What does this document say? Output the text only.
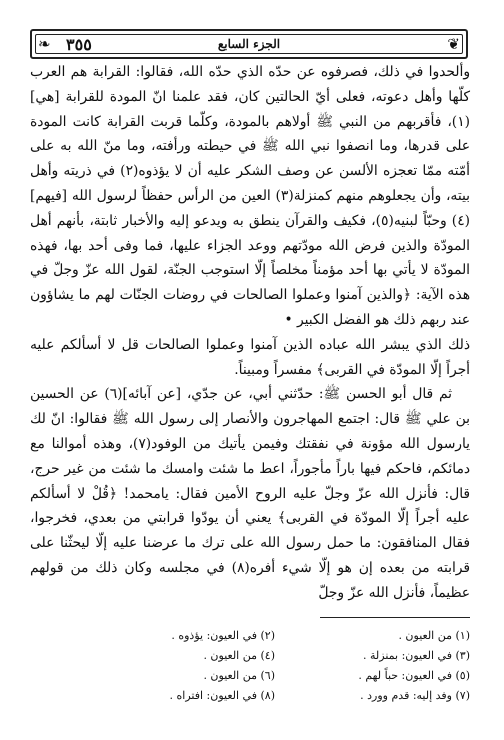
❦
الجزء السابع
٣٥٥
❧

وألحدوا في ذلك، فصرفوه عن حدّه الذي حدّه الله، فقالوا: القرابة هم العرب كلّها وأهل دعوته، فعلى أيّ الحالتين كان، فقد علمنا انّ المودة للقرابة [هي](١)، فأقربهم من النبي ﷺ أولاهم بالمودة، وكلّما قربت القرابة كانت المودة على قدرها، وما انصفوا نبي الله ﷺ في حيطته ورأفته، وما منّ الله به على أمّته ممّا تعجزه الألسن عن وصف الشكر عليه أن لا يؤذوه(٢) في ذريته وأهل بيته، وأن يجعلوهم منهم كمنزلة(٣) العين من الرأس حفظاً لرسول الله [فيهم](٤) وحبّاً لبنيه(٥)، فكيف والقرآن ينطق به ويدعو إليه والأخبار ثابتة، بأنهم أهل المودّة والذين فرض الله مودّتهم ووعد الجزاء عليها، فما وفى أحد بها، فهذه المودّة لا يأتي بها أحد مؤمناً مخلصاً إلّا استوجب الجنّة، لقول الله عزّ وجلّ في هذه الآية: ﴿والذين آمنوا وعملوا الصالحات في روضات الجنّات لهم ما يشاؤون عند ربهم ذلك هو الفضل الكبير •

ذلك الذي يبشر الله عباده الذين آمنوا وعملوا الصالحات قل لا أسألكم عليه أجراً إلّا المودّة في القربى﴾ مفسراً ومبيناً.

ثم قال أبو الحسن ﷺ: حدّثني أبي، عن جدّي، [عن آبائه](٦) عن الحسين بن علي ﷺ قال: اجتمع المهاجرون والأنصار إلى رسول الله ﷺ فقالوا: انّ لك يارسول الله مؤونة في نفقتك وفيمن يأتيك من الوفود(٧)، وهذه أموالنا مع دمائكم، فاحكم فيها باراً مأجوراً، اعط ما شئت وامسك ما شئت من غير حرج، قال: فأنزل الله عزّ وجلّ عليه الروح الأمين فقال: يامحمد! ﴿قُلْ لا أسألكم عليه أجراً إلّا المودّة في القربى﴾ يعني أن يودّوا قرابتي من بعدي، فخرجوا، فقال المنافقون: ما حمل رسول الله على ترك ما عرضنا عليه إلّا ليحثّنا على قرابته من بعده إن هو إلّا شيء أفره(٨) في مجلسه وكان ذلك من قولهم عظيماً، فأنزل الله عزّ وجلّ

(١) من العيون .
(٢) في العيون: يؤذوه .
(٣) في العيون: بمنزلة .
(٤) من العيون .
(٥) في العيون: حباً لهم .
(٦) من العيون .
(٧) وفد إليه: قدم وورد .
(٨) في العيون: افتراه .
